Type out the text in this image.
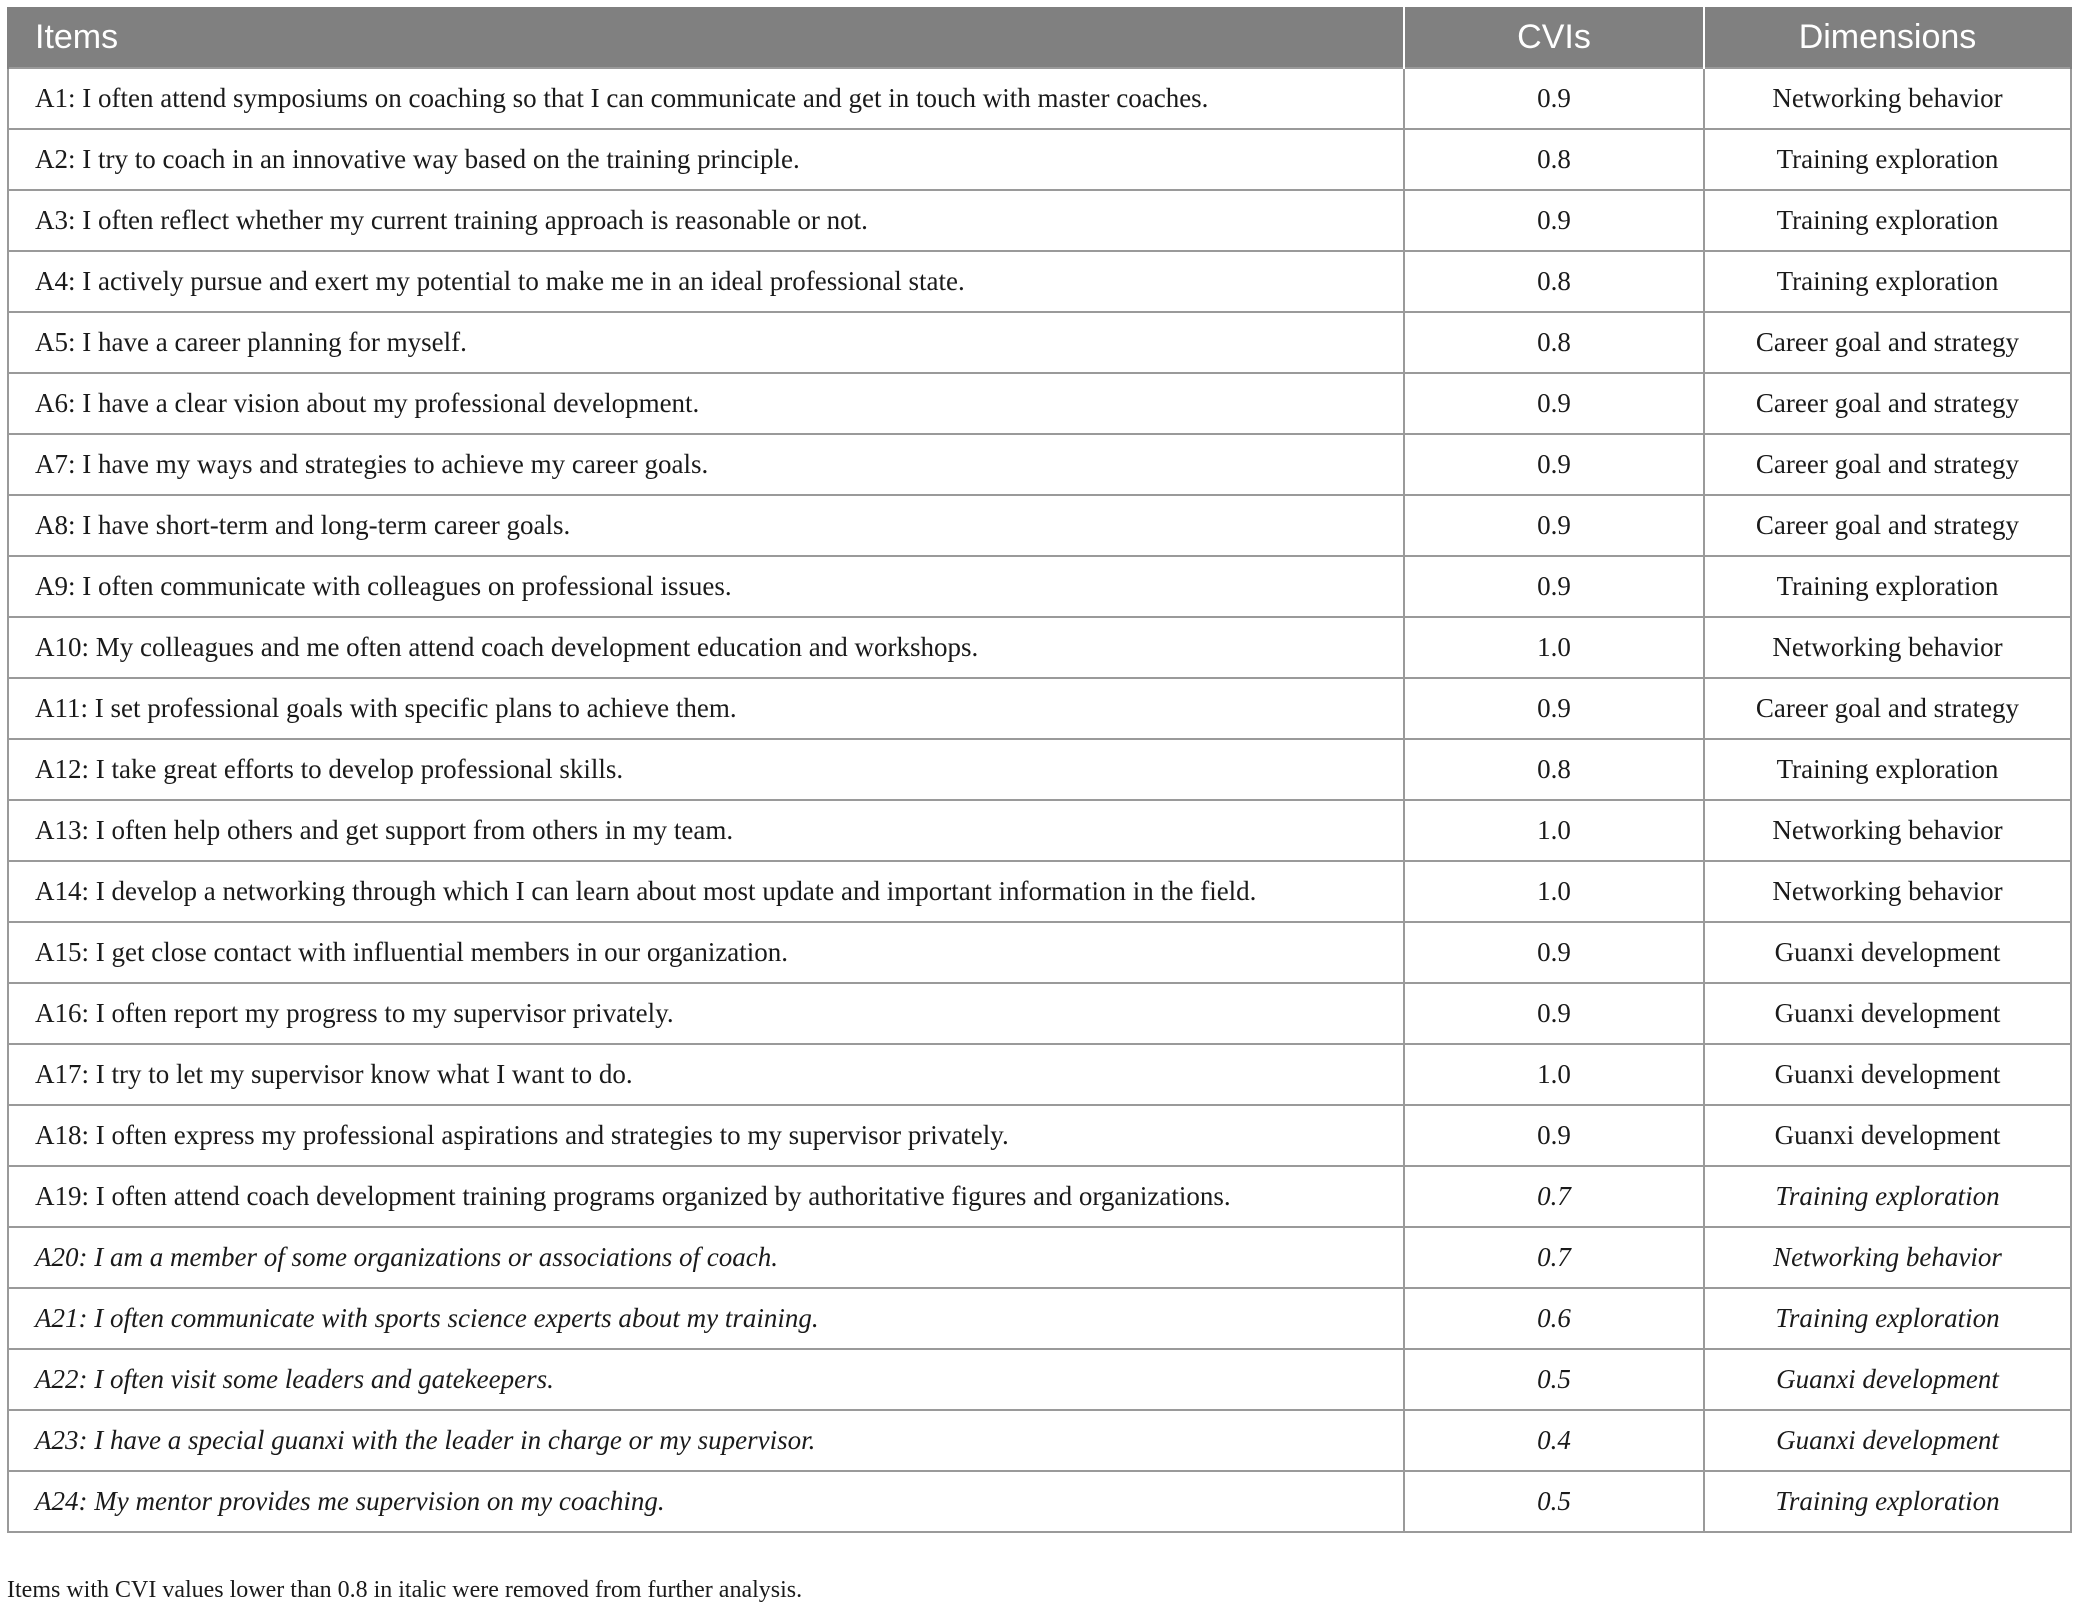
Items	CVIs	Dimensions
A1: I often attend symposiums on coaching so that I can communicate and get in touch with master coaches.	0.9	Networking behavior
A2: I try to coach in an innovative way based on the training principle.	0.8	Training exploration
A3: I often reflect whether my current training approach is reasonable or not.	0.9	Training exploration
A4: I actively pursue and exert my potential to make me in an ideal professional state.	0.8	Training exploration
A5: I have a career planning for myself.	0.8	Career goal and strategy
A6: I have a clear vision about my professional development.	0.9	Career goal and strategy
A7: I have my ways and strategies to achieve my career goals.	0.9	Career goal and strategy
A8: I have short-term and long-term career goals.	0.9	Career goal and strategy
A9: I often communicate with colleagues on professional issues.	0.9	Training exploration
A10: My colleagues and me often attend coach development education and workshops.	1.0	Networking behavior
A11: I set professional goals with specific plans to achieve them.	0.9	Career goal and strategy
A12: I take great efforts to develop professional skills.	0.8	Training exploration
A13: I often help others and get support from others in my team.	1.0	Networking behavior
A14: I develop a networking through which I can learn about most update and important information in the field.	1.0	Networking behavior
A15: I get close contact with influential members in our organization.	0.9	Guanxi development
A16: I often report my progress to my supervisor privately.	0.9	Guanxi development
A17: I try to let my supervisor know what I want to do.	1.0	Guanxi development
A18: I often express my professional aspirations and strategies to my supervisor privately.	0.9	Guanxi development
A19: I often attend coach development training programs organized by authoritative figures and organizations.	0.7	Training exploration
A20: I am a member of some organizations or associations of coach.	0.7	Networking behavior
A21: I often communicate with sports science experts about my training.	0.6	Training exploration
A22: I often visit some leaders and gatekeepers.	0.5	Guanxi development
A23: I have a special guanxi with the leader in charge or my supervisor.	0.4	Guanxi development
A24: My mentor provides me supervision on my coaching.	0.5	Training exploration
Items with CVI values lower than 0.8 in italic were removed from further analysis.
